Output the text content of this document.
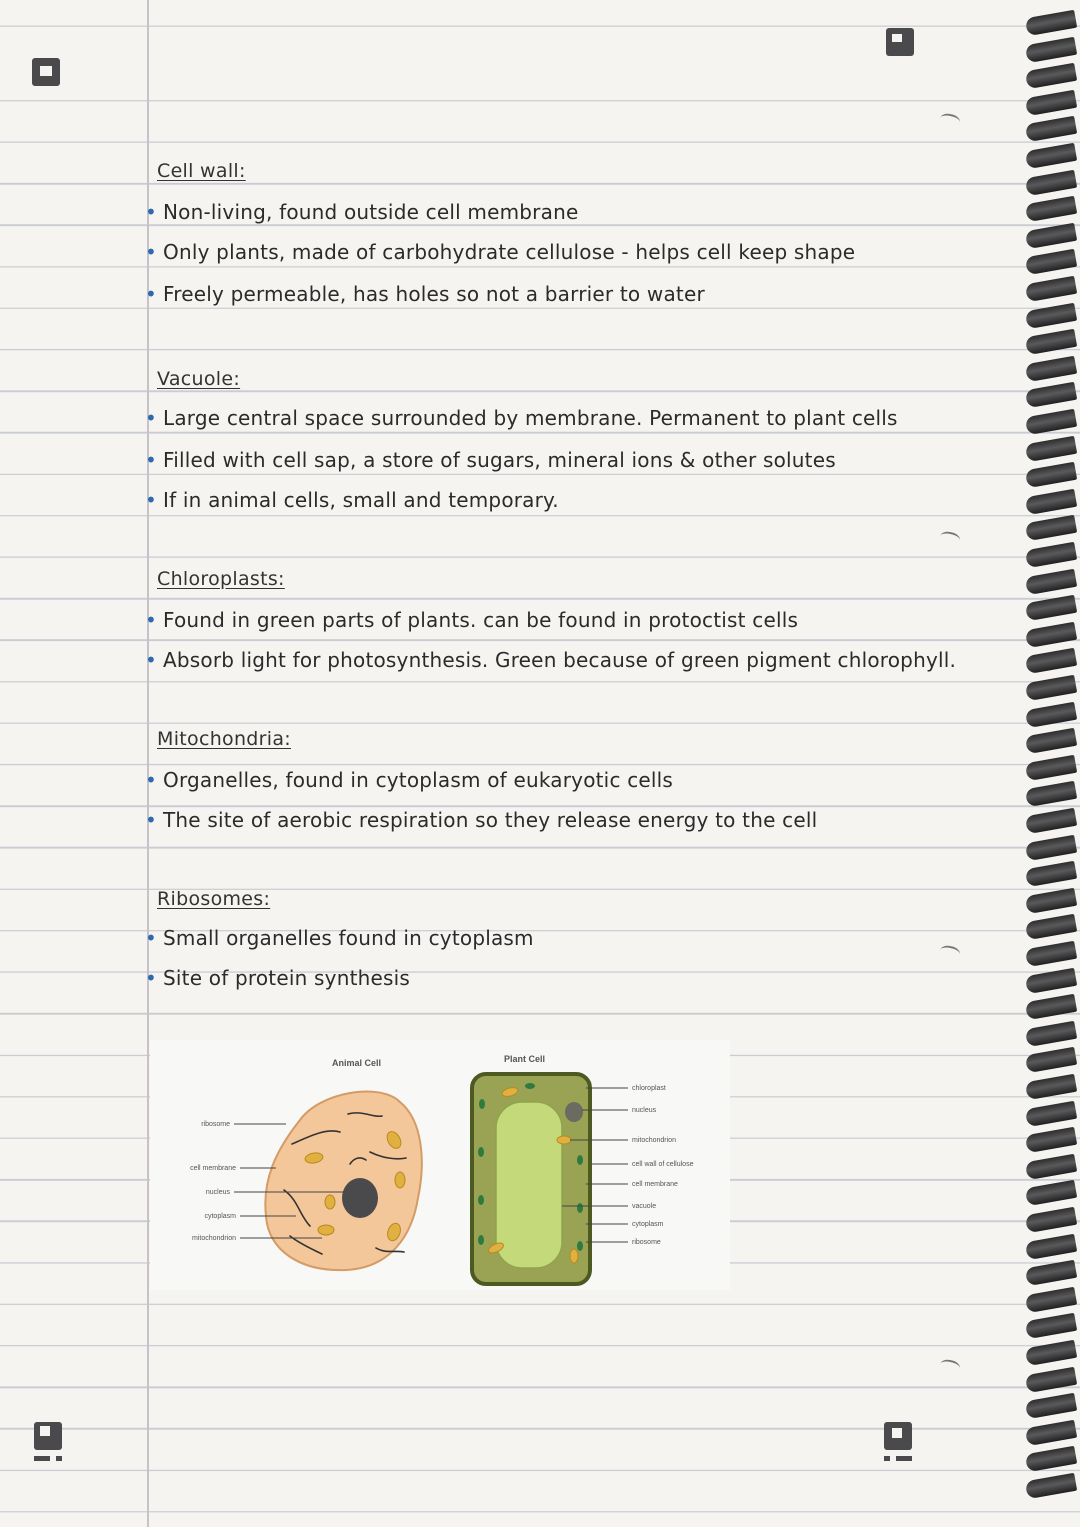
Cell wall:
• Non-living, found outside cell membrane
• Only plants, made of carbohydrate cellulose - helps cell keep shape
• Freely permeable, has holes so not a barrier to water
Vacuole:
• Large central space surrounded by membrane. Permanent to plant cells
• Filled with cell sap, a store of sugars, mineral ions & other solutes
• If in animal cells, small and temporary.
Chloroplasts:
• Found in green parts of plants. can be found in protoctist cells
• Absorb light for photosynthesis. Green because of green pigment chlorophyll.
Mitochondria:
• Organelles, found in cytoplasm of eukaryotic cells
• The site of aerobic respiration so they release energy to the cell
Ribosomes:
• Small organelles found in cytoplasm
• Site of protein synthesis
Animal Cell	Plant Cell
ribosome
cell membrane
nucleus
cytoplasm
mitochondrion
chloroplast
nucleus
mitochondrion
cell wall of cellulose
cell membrane
vacuole
cytoplasm
ribosome
